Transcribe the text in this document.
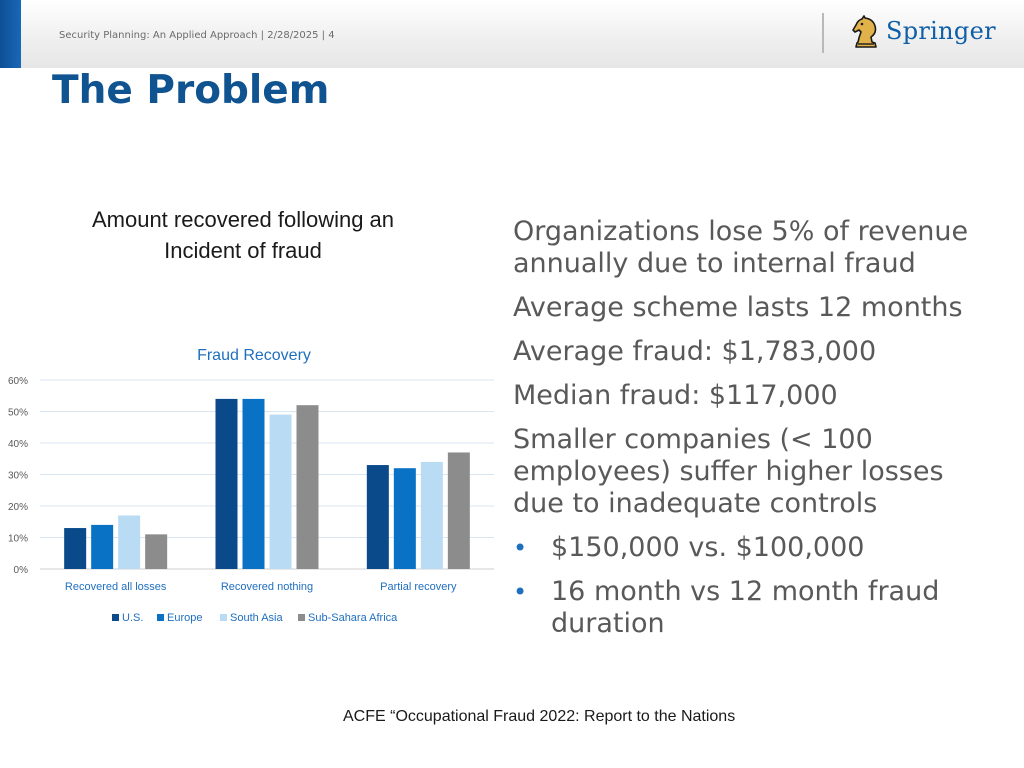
Security Planning: An Applied Approach | 2/28/2025 | 4	Springer
The Problem
Amount recovered following an
Incident of fraud
Fraud Recovery
0%
10%
20%
30%
40%
50%
60%
Recovered all losses	Recovered nothing	Partial recovery
U.S. Europe	South Asia Sub-Sahara Africa
Organizations lose 5% of revenue annually due to internal fraud
Average scheme lasts 12 months
Average fraud: $1,783,000
Median fraud: $117,000
Smaller companies (< 100 employees) suffer higher losses due to inadequate controls
• $150,000 vs. $100,000
• 16 month vs 12 month fraud duration
ACFE “Occupational Fraud 2022: Report to the Nations
